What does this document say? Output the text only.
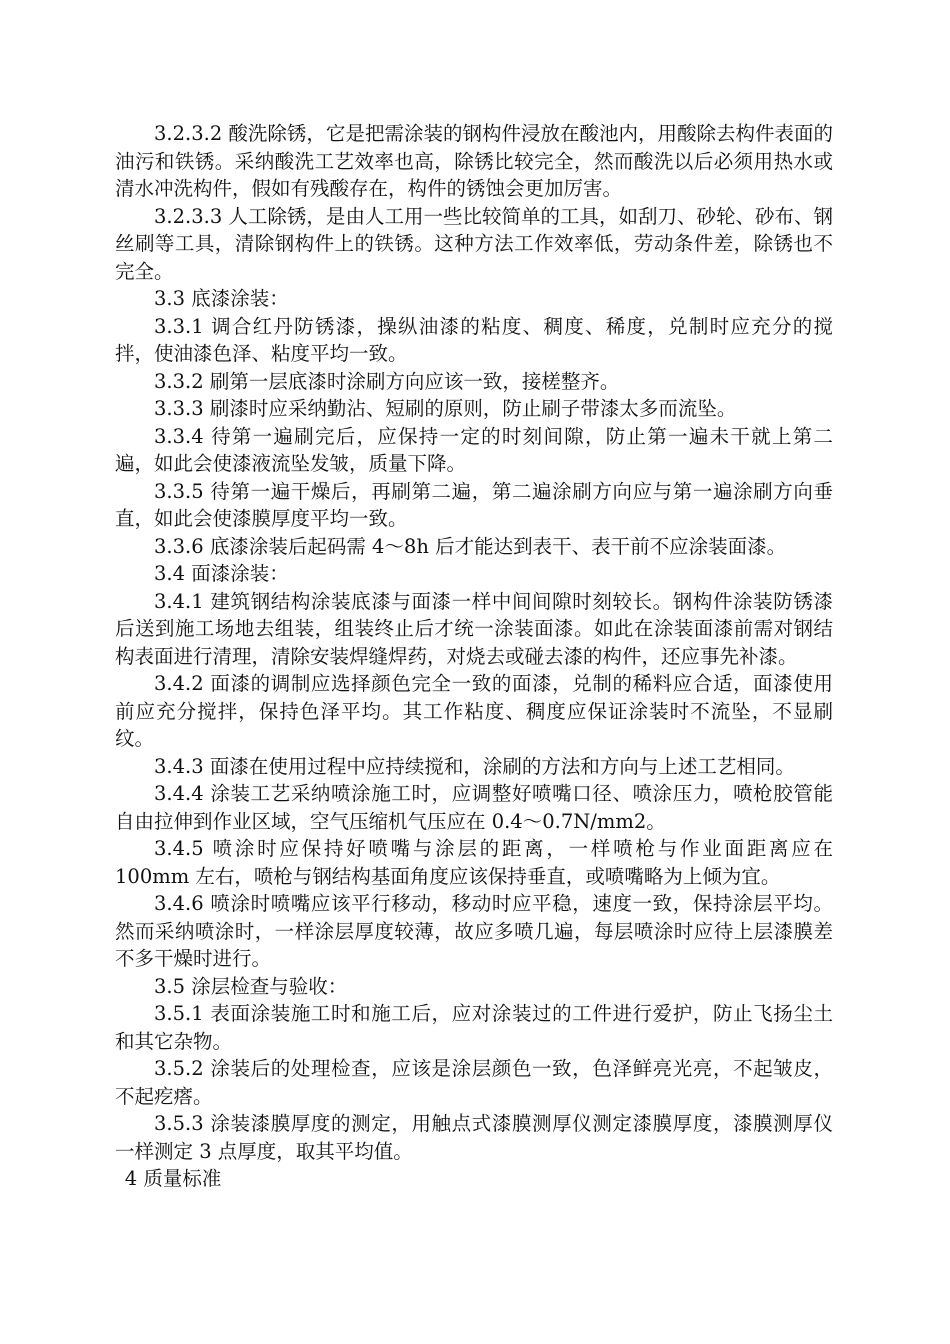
3.2.3.2 酸洗除锈，它是把需涂装的钢构件浸放在酸池内，用酸除去构件表面的油污和铁锈。采纳酸洗工艺效率也高，除锈比较完全，然而酸洗以后必须用热水或清水冲洗构件，假如有残酸存在，构件的锈蚀会更加厉害。

3.2.3.3 人工除锈，是由人工用一些比较简单的工具，如刮刀、砂轮、砂布、钢丝刷等工具，清除钢构件上的铁锈。这种方法工作效率低，劳动条件差，除锈也不完全。

3.3 底漆涂装：

3.3.1 调合红丹防锈漆，操纵油漆的粘度、稠度、稀度，兑制时应充分的搅拌，使油漆色泽、粘度平均一致。

3.3.2 刷第一层底漆时涂刷方向应该一致，接槎整齐。

3.3.3 刷漆时应采纳勤沾、短刷的原则，防止刷子带漆太多而流坠。

3.3.4 待第一遍刷完后，应保持一定的时刻间隙，防止第一遍未干就上第二遍，如此会使漆液流坠发皱，质量下降。

3.3.5 待第一遍干燥后，再刷第二遍，第二遍涂刷方向应与第一遍涂刷方向垂直，如此会使漆膜厚度平均一致。

3.3.6 底漆涂装后起码需 4～8h 后才能达到表干、表干前不应涂装面漆。

3.4 面漆涂装：

3.4.1 建筑钢结构涂装底漆与面漆一样中间间隙时刻较长。钢构件涂装防锈漆后送到施工场地去组装，组装终止后才统一涂装面漆。如此在涂装面漆前需对钢结构表面进行清理，清除安装焊缝焊药，对烧去或碰去漆的构件，还应事先补漆。

3.4.2 面漆的调制应选择颜色完全一致的面漆，兑制的稀料应合适，面漆使用前应充分搅拌，保持色泽平均。其工作粘度、稠度应保证涂装时不流坠，不显刷纹。

3.4.3 面漆在使用过程中应持续搅和，涂刷的方法和方向与上述工艺相同。

3.4.4 涂装工艺采纳喷涂施工时，应调整好喷嘴口径、喷涂压力，喷枪胶管能自由拉伸到作业区域，空气压缩机气压应在 0.4～0.7N/mm2。

3.4.5 喷涂时应保持好喷嘴与涂层的距离，一样喷枪与作业面距离应在 100mm 左右，喷枪与钢结构基面角度应该保持垂直，或喷嘴略为上倾为宜。

3.4.6 喷涂时喷嘴应该平行移动，移动时应平稳，速度一致，保持涂层平均。然而采纳喷涂时，一样涂层厚度较薄，故应多喷几遍，每层喷涂时应待上层漆膜差不多干燥时进行。

3.5 涂层检查与验收：

3.5.1 表面涂装施工时和施工后，应对涂装过的工件进行爱护，防止飞扬尘土和其它杂物。

3.5.2 涂装后的处理检查，应该是涂层颜色一致，色泽鲜亮光亮，不起皱皮，不起疙瘩。

3.5.3 涂装漆膜厚度的测定，用触点式漆膜测厚仪测定漆膜厚度，漆膜测厚仪一样测定 3 点厚度，取其平均值。

4 质量标准
